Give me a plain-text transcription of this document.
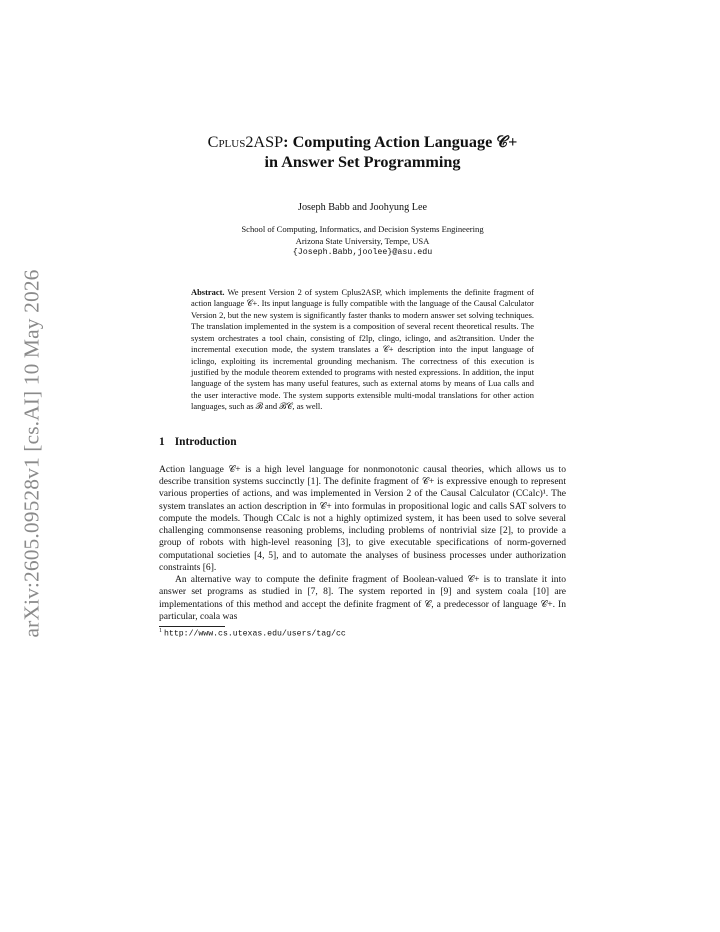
arXiv:2605.09528v1 [cs.AI] 10 May 2026
Cplus2ASP: Computing Action Language 𝒞+
in Answer Set Programming
Joseph Babb and Joohyung Lee
School of Computing, Informatics, and Decision Systems Engineering
Arizona State University, Tempe, USA
{Joseph.Babb,joolee}@asu.edu
Abstract. We present Version 2 of system Cplus2ASP, which implements the definite fragment of action language 𝒞+. Its input language is fully compatible with the language of the Causal Calculator Version 2, but the new system is significantly faster thanks to modern answer set solving techniques. The translation implemented in the system is a composition of several recent theoretical results. The system orchestrates a tool chain, consisting of f2lp, clingo, iclingo, and as2transition. Under the incremental execution mode, the system translates a 𝒞+ description into the input language of iclingo, exploiting its incremental grounding mechanism. The correctness of this execution is justified by the module theorem extended to programs with nested expressions. In addition, the input language of the system has many useful features, such as external atoms by means of Lua calls and the user interactive mode. The system supports extensible multi-modal translations for other action languages, such as ℬ and ℬ𝒞, as well.
1 Introduction

Action language 𝒞+ is a high level language for nonmonotonic causal theories, which allows us to describe transition systems succinctly [1]. The definite fragment of 𝒞+ is expressive enough to represent various properties of actions, and was implemented in Version 2 of the Causal Calculator (CCalc)¹. The system translates an action description in 𝒞+ into formulas in propositional logic and calls SAT solvers to compute the models. Though CCalc is not a highly optimized system, it has been used to solve several challenging commonsense reasoning problems, including problems of nontrivial size [2], to provide a group of robots with high-level reasoning [3], to give executable specifications of norm-governed computational societies [4, 5], and to automate the analyses of business processes under authorization constraints [6].

An alternative way to compute the definite fragment of Boolean-valued 𝒞+ is to translate it into answer set programs as studied in [7, 8]. The system reported in [9] and system coala [10] are implementations of this method and accept the definite fragment of 𝒞, a predecessor of language 𝒞+. In particular, coala was

$^1$ http://www.cs.utexas.edu/users/tag/cc
